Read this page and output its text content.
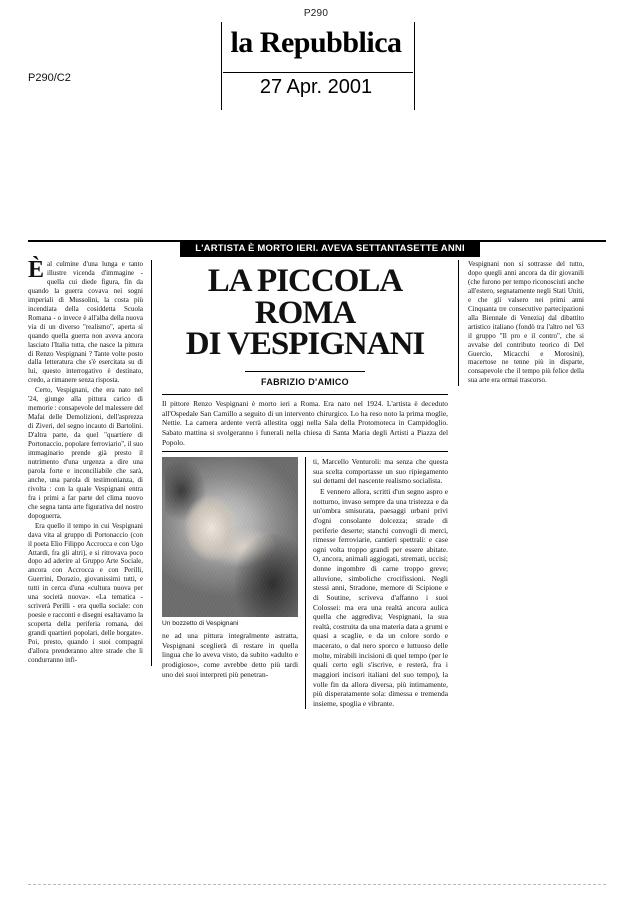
P290
la Repubblica
27 Apr. 2001
P290/C2
L'ARTISTA È MORTO IERI. AVEVA SETTANTASETTE ANNI

Èal culmine d'una lunga e tanto illustre vicenda d'immagine - quella cui diede figura, fin da quando la guerra covava nei sogni imperiali di Mussolini, la costa più incendiata della cosiddetta Scuola Romana - o invece è all'alba della nuova via di un diverso "realismo", aperta sì quando quella guerra non aveva ancora lasciato l'Italia tutta, che nasce la pittura di Renzo Vespignani ? Tante volte posto dalla letteratura che s'è esercitata su di lui, questo interrogativo è destinato, credo, a rimanere senza risposta.

Certo, Vespignani, che era nato nel '24, giunge alla pittura carico di memorie : consapevole del malessere del Mafai delle Demolizioni, dell'asprezza di Ziveri, del segno incauto di Bartolini. D'altra parte, da quel "quartiere di Portonaccio, popolare ferroviario", il suo immaginario prende già presto il nutrimento d'una urgenza a dire una parola forte e inconciliabile che sarà, anche, una parola di testimonianza, di rivolta : con la quale Vespignani entra fra i primi a far parte del clima nuovo che segna tanta arte figurativa del nostro dopoguerra.

Era quello il tempo in cui Vespignani dava vita al gruppo di Portonaccio (con il poeta Elio Filippo Accrocca e con Ugo Attardi, fra gli altri), e si ritrovava poco dopo ad aderire al Gruppo Arte Sociale, ancora con Accrocca e con Perilli, Guerrini, Dorazio, giovanissimi tutti, e tutti in cerca d'una «cultura nuova per una società nuova». «La tematica - scriverà Perilli - era quella sociale: con poesie e racconti e disegni esaltavamo la scoperta della periferia romana, dei grandi quartieri popolari, delle borgate». Poi, presto, quando i suoi compagni d'allora prenderanno altre strade che li condurranno infi-

LA PICCOLA ROMA
DI VESPIGNANI
FABRIZIO D'AMICO

Il pittore Renzo Vespignani è morto ieri a Roma. Era nato nel 1924. L'artista è deceduto all'Ospedale San Camillo a seguito di un intervento chirurgico. Lo ha reso noto la prima moglie, Nettie. La camera ardente verrà allestita oggi nella Sala della Protomoteca in Campidoglio. Sabato mattina si svolgeranno i funerali nella chiesa di Santa Maria degli Artisti a Piazza del Popolo.

Un bozzetto di Vespignani

ne ad una pittura integralmente astratta, Vespignani sceglierà di restare in quella lingua che lo aveva visto, da subito «adulto e prodigioso», come avrebbe detto più tardi uno dei suoi interpreti più penetran-

ti, Marcello Venturoli: ma senza che questa sua scelta comportasse un suo ripiegamento sui dettami del nascente realismo socialista.

E vennero allora, scritti d'un segno aspro e notturno, invaso sempre da una tristezza e da un'ombra smisurata, paesaggi urbani privi d'ogni consolante dolcezza; strade di periferie deserte; stanchi convogli di merci, rimesse ferroviarie, cantieri spettrali: e case ogni volta troppo grandi per essere abitate. O, ancora, animali aggiogati, stremati, uccisi; donne ingombre di carne troppo greve; alluvione, simboliche crocifissioni. Negli stessi anni, Stradone, memore di Scipione e di Soutine, scriveva d'affanno i suoi Colossei: ma era una realtà ancora aulica quella che aggrediva; Vespignani, la sua realtà, costruita da una materia data a grumi e quasi a scaglie, e da un colore sordo e macerato, o dal nero sporco e luttuoso delle molte, mirabili incisioni di quel tempo (per le quali certo egli s'iscrive, e resterà, fra i maggiori incisori italiani del suo tempo), la volle fin da allora diversa, più intimamente, più disperatamente sola: dimessa e tremenda insieme, spoglia e vibrante.

Vespignani non si sottrasse del tutto, dopo quegli anni ancora da dir giovanili (che furono per tempo riconosciuti anche all'estero, segnatamente negli Stati Uniti, e che gli valsero nei primi anni Cinquanta tre consecutive partecipazioni alla Biennale di Venezia) dal dibattito artistico italiano (fondò tra l'altro nel '63 il gruppo "Il pro e il contro", che si avvalse del contributo teorico di Del Guercio, Micacchi e Morosini), macertose ne tenne più in disparte, consapevole che il tempo più felice della sua arte era ormai trascorso.
